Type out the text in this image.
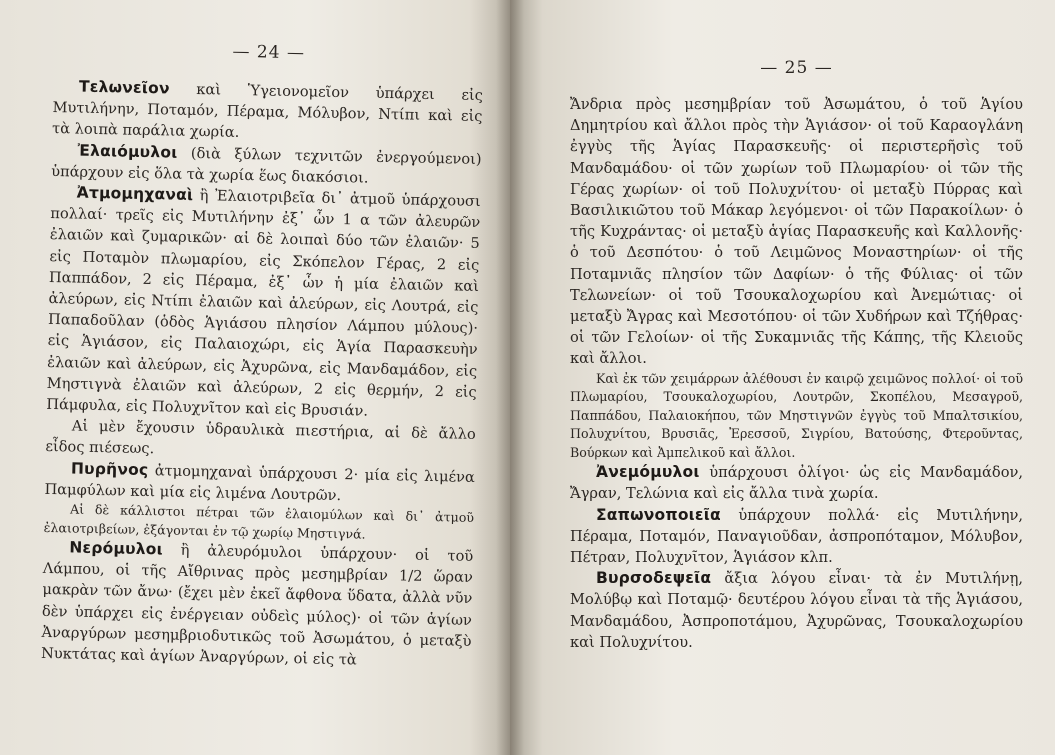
— 24 —

Τελωνεῖον καὶ Ὑγειονομεῖον ὑπάρχει εἰς Μυτιλήνην, Ποταμόν, Πέραμα, Μόλυβον, Ντίπι καὶ εἰς τὰ λοιπὰ παράλια χωρία.

Ἐλαιόμυλοι (διὰ ξύλων τεχνιτῶν ἐνεργούμενοι) ὑπάρχουν εἰς ὅλα τὰ χωρία ἕως διακόσιοι.

Ἀτμομηχαναὶ ἢ Ἐλαιοτριβεῖα δι᾽ ἀτμοῦ ὑπάρχουσι πολλαί· τρεῖς εἰς Μυτιλήνην ἐξ᾽ ὧν 1 α τῶν ἀλευρῶν ἐλαιῶν καὶ ζυμαρικῶν· αἱ δὲ λοιπαὶ δύο τῶν ἐλαιῶν· 5 εἰς Ποταμὸν πλωμαρίου, εἰς Σκόπελον Γέρας, 2 εἰς Παππάδον, 2 εἰς Πέραμα, ἐξ᾽ ὧν ἡ μία ἐλαιῶν καὶ ἀλεύρων, εἰς Ντίπι ἐλαιῶν καὶ ἀλεύρων, εἰς Λουτρά, εἰς Παπαδοῦλαν (ὁδὸς Ἁγιάσου πλησίον Λάμπου μύλους)· εἰς Ἁγιάσον, εἰς Παλαιοχώρι, εἰς Ἁγία Παρασκευὴν ἐλαιῶν καὶ ἀλεύρων, εἰς Ἀχυρῶνα, εἰς Μανδαμάδον, εἰς Μηστιγνὰ ἐλαιῶν καὶ ἀλεύρων, 2 εἰς θερμήν, 2 εἰς Πάμφυλα, εἰς Πολυχνῖτον καὶ εἰς Βρυσιάν.

Αἱ μὲν ἔχουσιν ὑδραυλικὰ πιεστήρια, αἱ δὲ ἄλλο εἶδος πιέσεως.

Πυρῆνος ἀτμομηχαναὶ ὑπάρχουσι 2· μία εἰς λιμένα Παμφύλων καὶ μία εἰς λιμένα Λουτρῶν.

Αἱ δὲ κάλλιστοι πέτραι τῶν ἐλαιομύλων καὶ δι᾽ ἀτμοῦ ἐλαιοτριβείων, ἐξάγονται ἐν τῷ χωρίῳ Μηστιγνά.

Νερόμυλοι ἢ ἀλευρόμυλοι ὑπάρχουν· οἱ τοῦ Λάμπου, οἱ τῆς Αἴθρινας πρὸς μεσημβρίαν 1/2 ὥραν μακρὰν τῶν ἄνω· (ἔχει μὲν ἐκεῖ ἄφθονα ὕδατα, ἀλλὰ νῦν δὲν ὑπάρχει εἰς ἐνέργειαν οὐδεὶς μύλος)· οἱ τῶν ἁγίων Ἀναργύρων μεσημβριοδυτικῶς τοῦ Ἀσωμάτου, ὁ μεταξὺ Νυκτάτας καὶ ἁγίων Ἀναργύρων, οἱ εἰς τὰ

— 25 —

Ἄνδρια πρὸς μεσημβρίαν τοῦ Ἀσωμάτου, ὁ τοῦ Ἁγίου Δημητρίου καὶ ἄλλοι πρὸς τὴν Ἁγιάσον· οἱ τοῦ Καραογλάνη ἐγγὺς τῆς Ἁγίας Παρασκευῆς· οἱ περιστερῆσὶς τοῦ Μανδαμάδου· οἱ τῶν χωρίων τοῦ Πλωμαρίου· οἱ τῶν τῆς Γέρας χωρίων· οἱ τοῦ Πολυχνίτου· οἱ μεταξὺ Πύρρας καὶ Βασιλικιῶτου τοῦ Μάκαρ λεγόμενοι· οἱ τῶν Παρακοίλων· ὁ τῆς Κυχράντας· οἱ μεταξὺ ἁγίας Παρασκευῆς καὶ Καλλονῆς· ὁ τοῦ Δεσπότου· ὁ τοῦ Λειμῶνος Μοναστηρίων· οἱ τῆς Ποταμνιᾶς πλησίον τῶν Δαφίων· ὁ τῆς Φύλιας· οἱ τῶν Τελωνείων· οἱ τοῦ Τσουκαλοχωρίου καὶ Ἀνεμώτιας· οἱ μεταξὺ Ἄγρας καὶ Μεσοτόπου· οἱ τῶν Χυδήρων καὶ Τζήθρας· οἱ τῶν Γελοίων· οἱ τῆς Συκαμνιᾶς τῆς Κάπης, τῆς Κλειοῦς καὶ ἄλλοι.

Καὶ ἐκ τῶν χειμάρρων ἀλέθουσι ἐν καιρῷ χειμῶνος πολλοί· οἱ τοῦ Πλωμαρίου, Τσουκαλοχωρίου, Λουτρῶν, Σκοπέλου, Μεσαγροῦ, Παππάδου, Παλαιοκήπου, τῶν Μηστιγνῶν ἐγγὺς τοῦ Μπαλτσικίου, Πολυχνίτου, Βρυσιᾶς, Ἐρεσσοῦ, Σιγρίου, Βατούσης, Φτεροῦντας, Βούρκων καὶ Ἀμπελικοῦ καὶ ἄλλοι.

Ἀνεμόμυλοι ὑπάρχουσι ὀλίγοι· ὡς εἰς Μανδαμάδον, Ἄγραν, Τελώνια καὶ εἰς ἄλλα τινὰ χωρία.

Σαπωνοποιεῖα ὑπάρχουν πολλά· εἰς Μυτιλήνην, Πέραμα, Ποταμόν, Παναγιοῦδαν, ἀσπροπόταμον, Μόλυβον, Πέτραν, Πολυχνῖτον, Ἁγιάσον κλπ.

Βυρσοδεψεῖα ἄξια λόγου εἶναι· τὰ ἐν Μυτιλήνῃ, Μολύβῳ καὶ Ποταμῷ· δευτέρου λόγου εἶναι τὰ τῆς Ἁγιάσου, Μανδαμάδου, Ἀσπροποτάμου, Ἀχυρῶνας, Τσουκαλοχωρίου καὶ Πολυχνίτου.
